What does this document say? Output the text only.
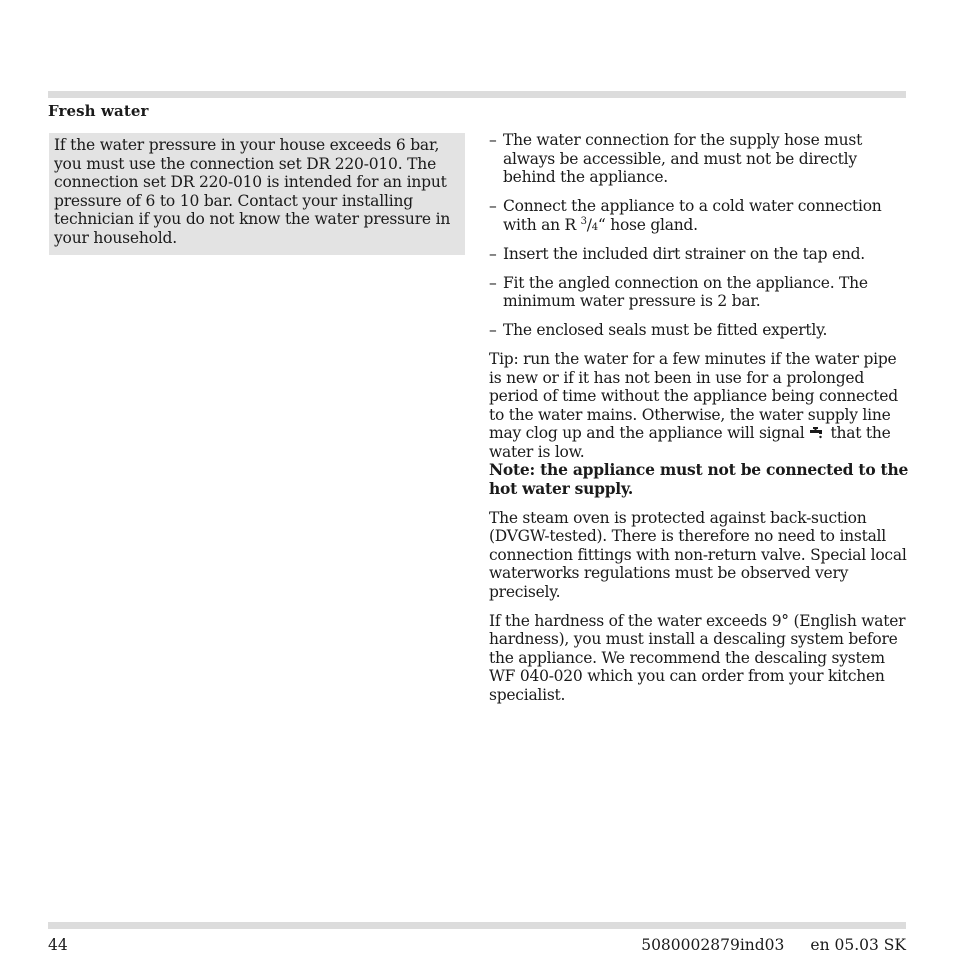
Fresh water
If the water pressure in your house exceeds 6 bar, you must use the connection set DR 220-010. The connection set DR 220-010 is intended for an input pressure of 6 to 10 bar. Contact your installing technician if you do not know the water pressure in your household.
– The water connection for the supply hose must always be accessible, and must not be directly behind the appliance.
– Connect the appliance to a cold water connection with an R $^3$/4“ hose gland.
– Insert the included dirt strainer on the tap end.
– Fit the angled connection on the appliance. The minimum water pressure is 2 bar.
– The enclosed seals must be fitted expertly.
Tip: run the water for a few minutes if the water pipe is new or if it has not been in use for a prolonged period of time without the appliance being connected to the water mains. Otherwise, the water supply line may clog up and the appliance will signal that the water is low.
Note: the appliance must not be connected to the hot water supply.
The steam oven is protected against back-suction (DVGW-tested). There is therefore no need to install connection fittings with non-return valve. Special local waterworks regulations must be observed very precisely.
If the hardness of the water exceeds 9° (English water hardness), you must install a descaling system before the appliance. We recommend the descaling system WF 040-020 which you can order from your kitchen specialist.
44	5080002879ind03 en 05.03 SK
